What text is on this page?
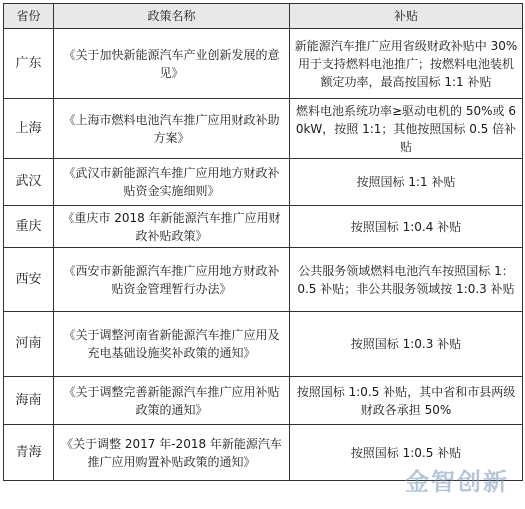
省份	政策名称	补贴
广东	《关于加快新能源汽车产业创新发展的意见》	新能源汽车推广应用省级财政补贴中 30%用于支持燃料电池推广；按燃料电池装机额定功率，最高按国标 1:1 补贴
上海	《上海市燃料电池汽车推广应用财政补助方案》	燃料电池系统功率≥驱动电机的 50%或 60kW，按照 1:1；其他按照国标 0.5 倍补贴
武汉	《武汉市新能源汽车推广应用地方财政补贴资金实施细则》	按照国标 1:1 补贴
重庆	《重庆市 2018 年新能源汽车推广应用财政补贴政策》	按照国标 1:0.4 补贴
西安	《西安市新能源汽车推广应用地方财政补贴资金管理暂行办法》	公共服务领域燃料电池汽车按照国标 1：0.5 补贴；非公共服务领域按 1:0.3 补贴
河南	《关于调整河南省新能源汽车推广应用及充电基础设施奖补政策的通知》	按照国标 1:0.3 补贴
海南	《关于调整完善新能源汽车推广应用补贴政策的通知》	按照国标 1:0.5 补贴，其中省和市县两级财政各承担 50%
青海	《关于调整 2017 年-2018 年新能源汽车推广应用购置补贴政策的通知》	按照国标 1:0.5 补贴
金智创新
